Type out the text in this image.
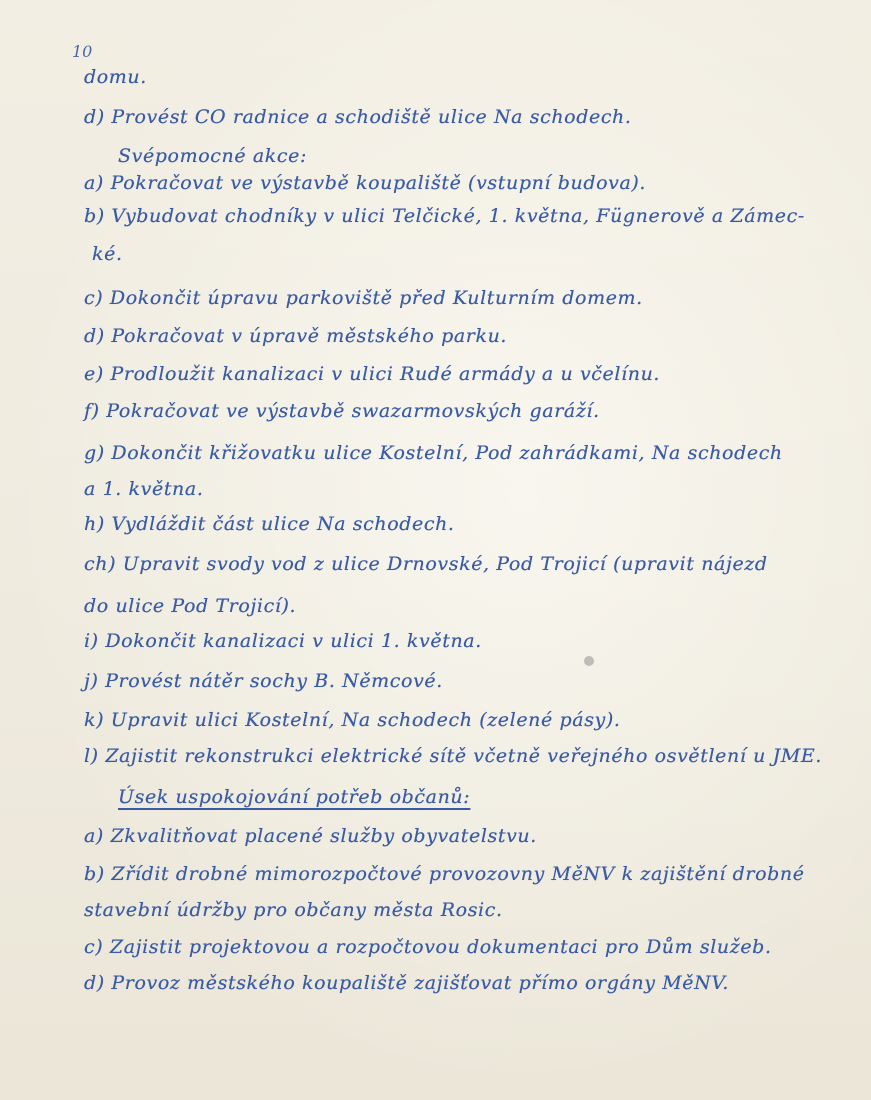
10
domu.
d) Provést CO radnice a schodiště ulice Na schodech.
Svépomocné akce:
a) Pokračovat ve výstavbě koupaliště (vstupní budova).
b) Vybudovat chodníky v ulici Telčické, 1. května, Fügnerově a Zámec-
ké.
c) Dokončit úpravu parkoviště před Kulturním domem.
d) Pokračovat v úpravě městského parku.
e) Prodloužit kanalizaci v ulici Rudé armády a u včelínu.
f) Pokračovat ve výstavbě swazarmovských garáží.
g) Dokončit křižovatku ulice Kostelní, Pod zahrádkami, Na schodech
a 1. května.
h) Vydláždit část ulice Na schodech.
ch) Upravit svody vod z ulice Drnovské, Pod Trojicí (upravit nájezd
do ulice Pod Trojicí).
i) Dokončit kanalizaci v ulici 1. května.
j) Provést nátěr sochy B. Němcové.
k) Upravit ulici Kostelní, Na schodech (zelené pásy).
l) Zajistit rekonstrukci elektrické sítě včetně veřejného osvětlení u JME.
Úsek uspokojování potřeb občanů:
a) Zkvalitňovat placené služby obyvatelstvu.
b) Zřídit drobné mimorozpočtové provozovny MěNV k zajištění drobné
stavební údržby pro občany města Rosic.
c) Zajistit projektovou a rozpočtovou dokumentaci pro Dům služeb.
d) Provoz městského koupaliště zajišťovat přímo orgány MěNV.
